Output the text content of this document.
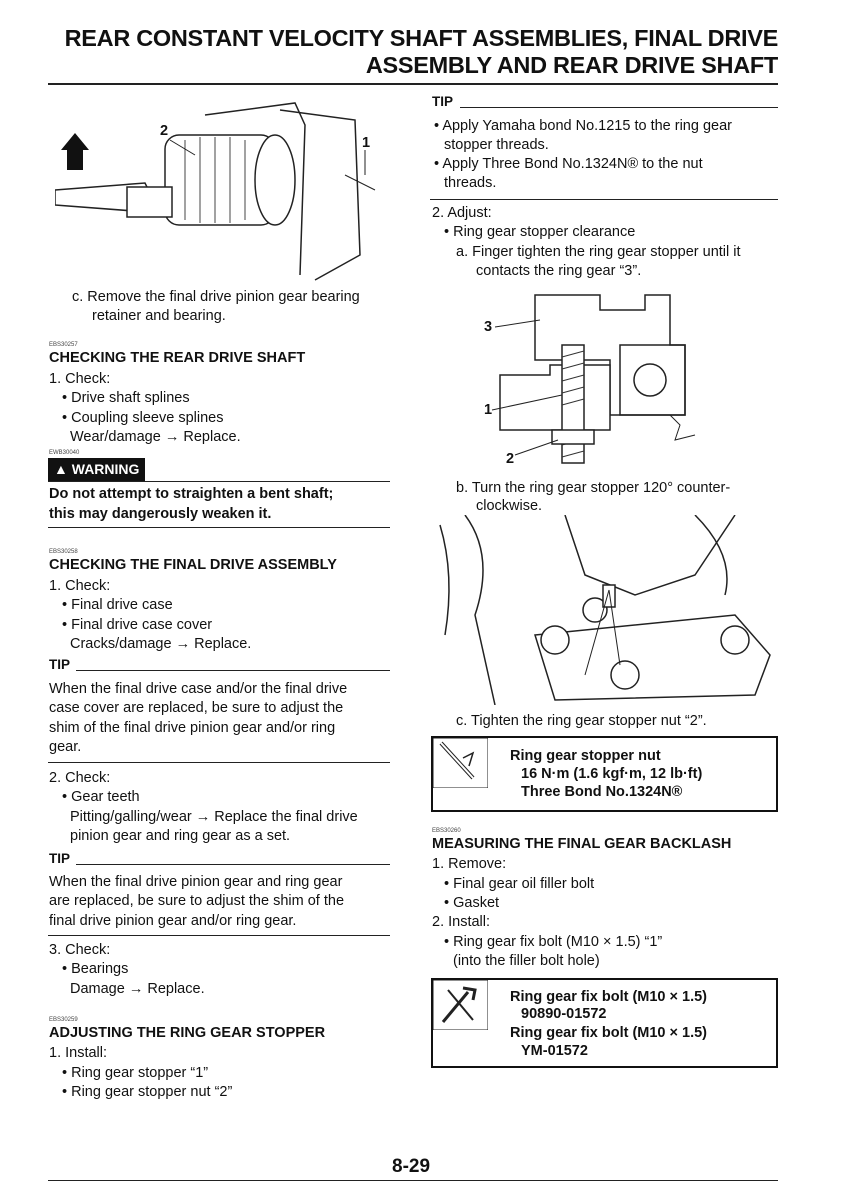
REAR CONSTANT VELOCITY SHAFT ASSEMBLIES, FINAL DRIVE
ASSEMBLY AND REAR DRIVE SHAFT
2
1
c. Remove the final drive pinion gear bearing
retainer and bearing.
EBS30257
CHECKING THE REAR DRIVE SHAFT
1. Check:
• Drive shaft splines
• Coupling sleeve splines
Wear/damage → Replace.
EWB30040
▲ WARNING
Do not attempt to straighten a bent shaft;
this may dangerously weaken it.
EBS30258
CHECKING THE FINAL DRIVE ASSEMBLY
1. Check:
• Final drive case
• Final drive case cover
Cracks/damage → Replace.
TIP
When the final drive case and/or the final drive
case cover are replaced, be sure to adjust the
shim of the final drive pinion gear and/or ring
gear.
2. Check:
• Gear teeth
Pitting/galling/wear → Replace the final drive
pinion gear and ring gear as a set.
TIP
When the final drive pinion gear and ring gear
are replaced, be sure to adjust the shim of the
final drive pinion gear and/or ring gear.
3. Check:
• Bearings
Damage → Replace.
EBS30259
ADJUSTING THE RING GEAR STOPPER
1. Install:
• Ring gear stopper “1”
• Ring gear stopper nut “2”
TIP
• Apply Yamaha bond No.1215 to the ring gear
stopper threads.
• Apply Three Bond No.1324N® to the nut
threads.
2. Adjust:
• Ring gear stopper clearance
a. Finger tighten the ring gear stopper until it
contacts the ring gear “3”.
3
1
2
b. Turn the ring gear stopper 120° counter-
clockwise.
c. Tighten the ring gear stopper nut “2”.
Ring gear stopper nut
16 N·m (1.6 kgf·m, 12 lb·ft)
Three Bond No.1324N®
EBS30260
MEASURING THE FINAL GEAR BACKLASH
1. Remove:
• Final gear oil filler bolt
• Gasket
2. Install:
• Ring gear fix bolt (M10 × 1.5) “1”
(into the filler bolt hole)
Ring gear fix bolt (M10 × 1.5)
90890-01572
Ring gear fix bolt (M10 × 1.5)
YM-01572
8-29
